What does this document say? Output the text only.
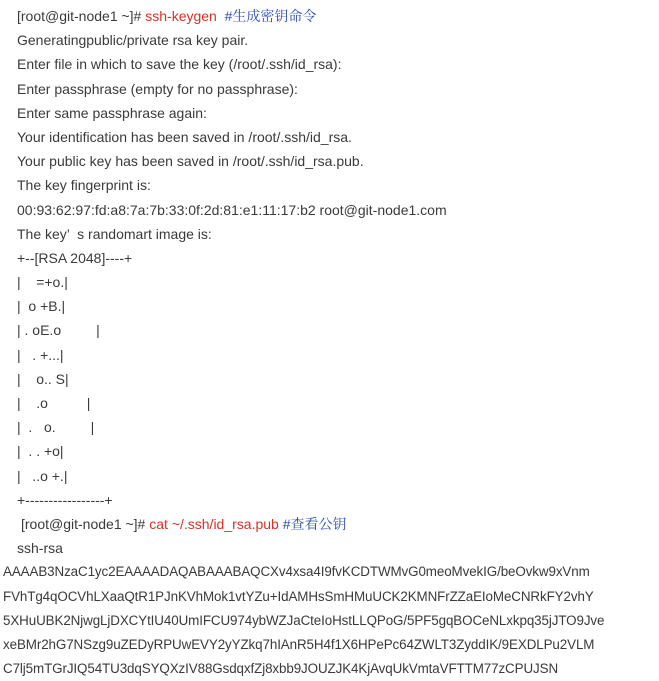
[root@git-node1 ~]# ssh-keygen  #生成密钥命令
Generatingpublic/private rsa key pair.
Enter file in which to save the key (/root/.ssh/id_rsa):
Enter passphrase (empty for no passphrase):
Enter same passphrase again:
Your identification has been saved in /root/.ssh/id_rsa.
Your public key has been saved in /root/.ssh/id_rsa.pub.
The key fingerprint is:
00:93:62:97:fd:a8:7a:7b:33:0f:2d:81:e1:11:17:b2 root@git-node1.com
The key’  s randomart image is:
+--[RSA 2048]----+
|    =+o.|
|  o +B.|
| . oE.o         |
|   . +...|
|    o.. S|
|    .o          |
|  .   o.         |
|  . . +o|
|   ..o +.|
+-----------------+
[root@git-node1 ~]# cat ~/.ssh/id_rsa.pub #查看公钥
ssh-rsa
AAAAB3NzaC1yc2EAAAADAQABAAABAQCXv4xsa4I9fvKCDTWMvG0meoMvekIG/beOvkw9xVnm
FVhTg4qOCVhLXaaQtR1PJnKVhMok1vtYZu+IdAMHsSmHMuUCK2KMNFrZZaEIoMeCNRkFY2vhY
5XHuUBK2NjwgLjDXCYtIU40UmIFCU974ybWZJaCteIoHstLLQPoG/5PF5gqBOCeNLxkpq35jJTO9Jve
xeBMr2hG7NSzg9uZEDyRPUwEVY2yYZkq7hIAnR5H4f1X6HPePc64ZWLT3ZyddIK/9EXDLPu2VLM
C7lj5mTGrJIQ54TU3dqSYQXzIV88GsdqxfZj8xbb9JOUZJK4KjAvqUkVmtaVFTTM77zCPUJSN
